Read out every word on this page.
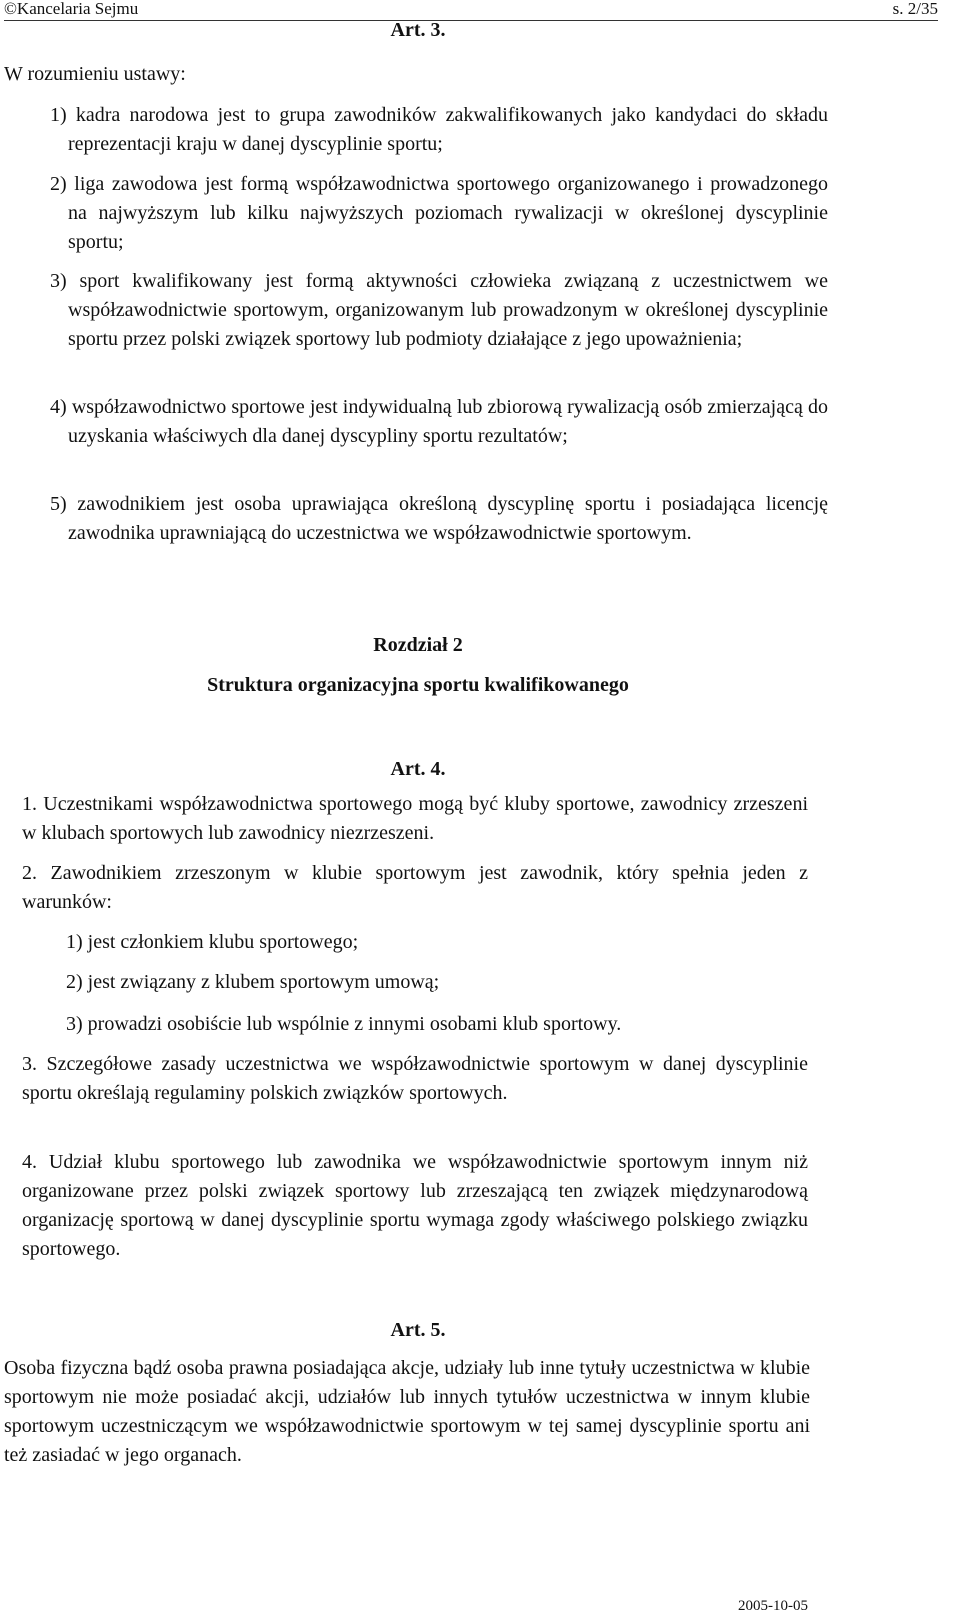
©Kancelaria Sejmu	s. 2/35
Art. 3.

W rozumieniu ustawy:

1) kadra narodowa jest to grupa zawodników zakwalifikowanych jako kandydaci do składu reprezentacji kraju w danej dyscyplinie sportu;

2) liga zawodowa jest formą współzawodnictwa sportowego organizowanego i prowadzonego na najwyższym lub kilku najwyższych poziomach rywalizacji w określonej dyscyplinie sportu;

3) sport kwalifikowany jest formą aktywności człowieka związaną z uczestnictwem we współzawodnictwie sportowym, organizowanym lub prowadzonym w określonej dyscyplinie sportu przez polski związek sportowy lub podmioty działające z jego upoważnienia;

4) współzawodnictwo sportowe jest indywidualną lub zbiorową rywalizacją osób zmierzającą do uzyskania właściwych dla danej dyscypliny sportu rezultatów;

5) zawodnikiem jest osoba uprawiająca określoną dyscyplinę sportu i posiadająca licencję zawodnika uprawniającą do uczestnictwa we współzawodnictwie sportowym.

Rozdział 2
Struktura organizacyjna sportu kwalifikowanego
Art. 4.

1. Uczestnikami współzawodnictwa sportowego mogą być kluby sportowe, zawodnicy zrzeszeni w klubach sportowych lub zawodnicy niezrzeszeni.

2. Zawodnikiem zrzeszonym w klubie sportowym jest zawodnik, który spełnia jeden z warunków:

1) jest członkiem klubu sportowego;

2) jest związany z klubem sportowym umową;

3) prowadzi osobiście lub wspólnie z innymi osobami klub sportowy.

3. Szczegółowe zasady uczestnictwa we współzawodnictwie sportowym w danej dyscyplinie sportu określają regulaminy polskich związków sportowych.

4. Udział klubu sportowego lub zawodnika we współzawodnictwie sportowym innym niż organizowane przez polski związek sportowy lub zrzeszającą ten związek międzynarodową organizację sportową w danej dyscyplinie sportu wymaga zgody właściwego polskiego związku sportowego.

Art. 5.

Osoba fizyczna bądź osoba prawna posiadająca akcje, udziały lub inne tytuły uczestnictwa w klubie sportowym nie może posiadać akcji, udziałów lub innych tytułów uczestnictwa w innym klubie sportowym uczestniczącym we współzawodnictwie sportowym w tej samej dyscyplinie sportu ani też zasiadać w jego organach.

2005-10-05
